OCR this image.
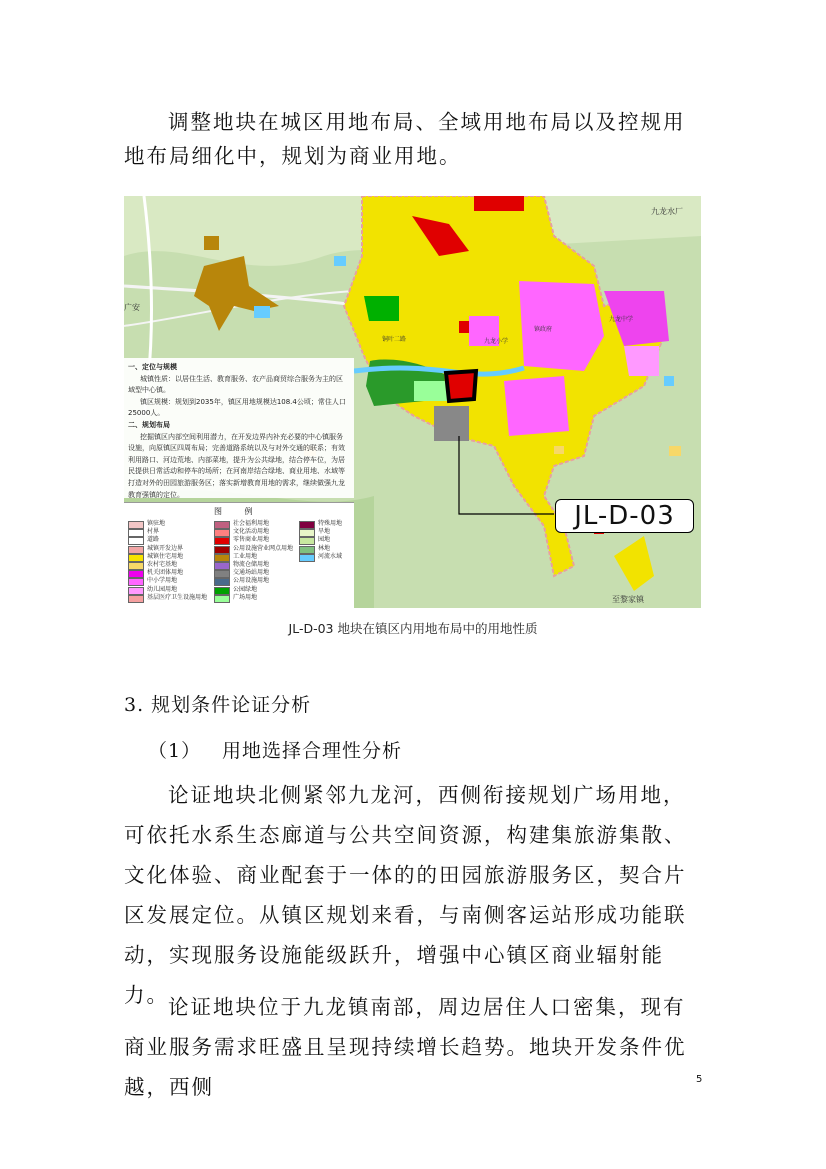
调整地块在城区用地布局、全域用地布局以及控规用地布局细化中，规划为商业用地。

一、定位与规模
城镇性质：以居住生活、教育服务、农产品商贸综合服务为主的区
域型中心镇。
镇区规模：规划到2035年，镇区用地规模达108.4公顷；常住人口
25000人。
二、规划布局
挖掘镇区内部空间利用潜力，在开发边界内补充必要的中心镇服务
设施，向原镇区四周布局；完善道路系统以及与对外交通的联系；有效
利用路口、河边荒地、内部菜地，提升为公共绿地，结合停车位，为居
民提供日常活动和停车的场所；在河南岸结合绿地、商业用地、水域等
打造对外的田园旅游服务区；落实新增教育用地的需求，继续做强九龙
教育强镇的定位。
图 例
镇驻地
村界
道路
城镇开发边界
城镇住宅用地
农村宅基地
机关团体用地
中小学用地
幼儿园用地
基层医疗卫生设施用地
社会福利用地
文化活动用地
零售商业用地
公用设施营业网点用地
工业用地
物流仓储用地
交通场站用地
公用设施用地
公园绿地
广场用地
特殊用地
旱地
园地
林地
河流水域
九龙水厂
至黎家镇
广安
九龙小学
镇政府
九龙中学
铜叶二路
JL-D-03
JL-D-03 地块在镇区内用地布局中的用地性质

3. 规划条件论证分析

（1） 用地选择合理性分析

论证地块北侧紧邻九龙河，西侧衔接规划广场用地，可依托水系生态廊道与公共空间资源，构建集旅游集散、文化体验、商业配套于一体的的田园旅游服务区，契合片区发展定位。从镇区规划来看，与南侧客运站形成功能联动，实现服务设施能级跃升，增强中心镇区商业辐射能力。 论证地块位于九龙镇南部，周边居住人口密集，现有商业服务需求旺盛且呈现持续增长趋势。地块开发条件优越，西侧	5
